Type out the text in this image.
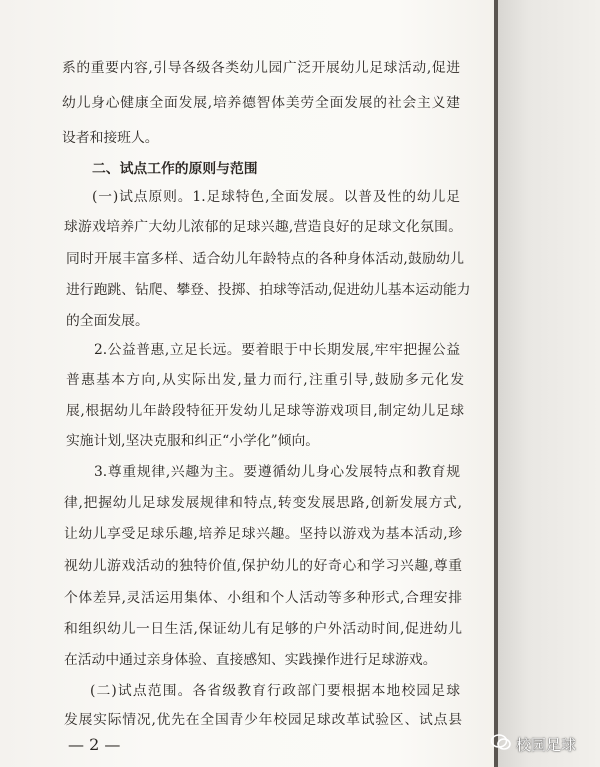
系的重要内容,引导各级各类幼儿园广泛开展幼儿足球活动,促进
幼儿身心健康全面发展,培养德智体美劳全面发展的社会主义建
设者和接班人。
二、试点工作的原则与范围
(一)试点原则。1.足球特色,全面发展。以普及性的幼儿足
球游戏培养广大幼儿浓郁的足球兴趣,营造良好的足球文化氛围。
同时开展丰富多样、适合幼儿年龄特点的各种身体活动,鼓励幼儿
进行跑跳、钻爬、攀登、投掷、拍球等活动,促进幼儿基本运动能力
的全面发展。
2.公益普惠,立足长远。要着眼于中长期发展,牢牢把握公益
普惠基本方向,从实际出发,量力而行,注重引导,鼓励多元化发
展,根据幼儿年龄段特征开发幼儿足球等游戏项目,制定幼儿足球
实施计划,坚决克服和纠正“小学化”倾向。
3.尊重规律,兴趣为主。要遵循幼儿身心发展特点和教育规
律,把握幼儿足球发展规律和特点,转变发展思路,创新发展方式,
让幼儿享受足球乐趣,培养足球兴趣。坚持以游戏为基本活动,珍
视幼儿游戏活动的独特价值,保护幼儿的好奇心和学习兴趣,尊重
个体差异,灵活运用集体、小组和个人活动等多种形式,合理安排
和组织幼儿一日生活,保证幼儿有足够的户外活动时间,促进幼儿
在活动中通过亲身体验、直接感知、实践操作进行足球游戏。
(二)试点范围。各省级教育行政部门要根据本地校园足球
发展实际情况,优先在全国青少年校园足球改革试验区、试点县
— 2 —	校园足球
